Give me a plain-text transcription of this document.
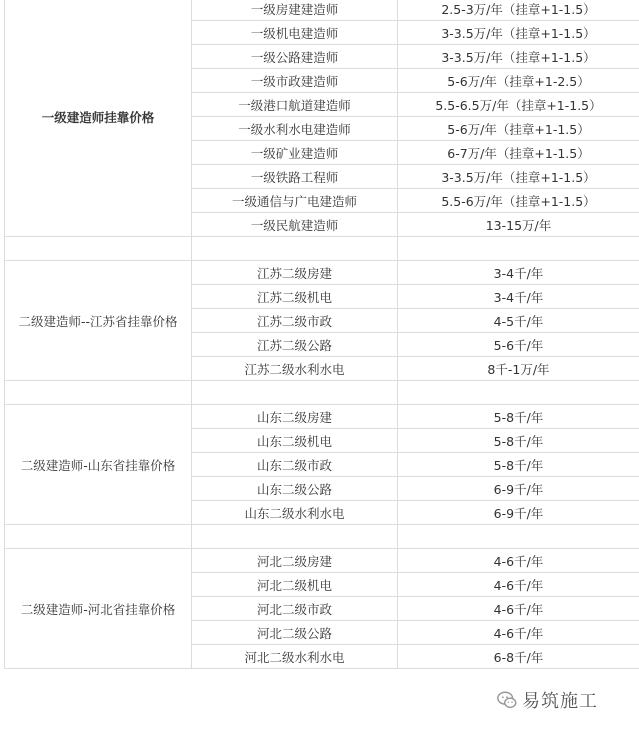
一级建造师挂靠价格	一级房建建造师	2.5-3万/年（挂章+1-1.5）
	一级机电建造师	3-3.5万/年（挂章+1-1.5）
	一级公路建造师	3-3.5万/年（挂章+1-1.5）
	一级市政建造师	5-6万/年（挂章+1-2.5）
	一级港口航道建造师	5.5-6.5万/年（挂章+1-1.5）
	一级水利水电建造师	5-6万/年（挂章+1-1.5）
	一级矿业建造师	6-7万/年（挂章+1-1.5）
	一级铁路工程师	3-3.5万/年（挂章+1-1.5）
	一级通信与广电建造师	5.5-6万/年（挂章+1-1.5）
	一级民航建造师	13-15万/年

二级建造师--江苏省挂靠价格	江苏二级房建	3-4千/年
	江苏二级机电	3-4千/年
	江苏二级市政	4-5千/年
	江苏二级公路	5-6千/年
	江苏二级水利水电	8千-1万/年

二级建造师-山东省挂靠价格	山东二级房建	5-8千/年
	山东二级机电	5-8千/年
	山东二级市政	5-8千/年
	山东二级公路	6-9千/年
	山东二级水利水电	6-9千/年

二级建造师-河北省挂靠价格	河北二级房建	4-6千/年
	河北二级机电	4-6千/年
	河北二级市政	4-6千/年
	河北二级公路	4-6千/年
	河北二级水利水电	6-8千/年
易筑施工
